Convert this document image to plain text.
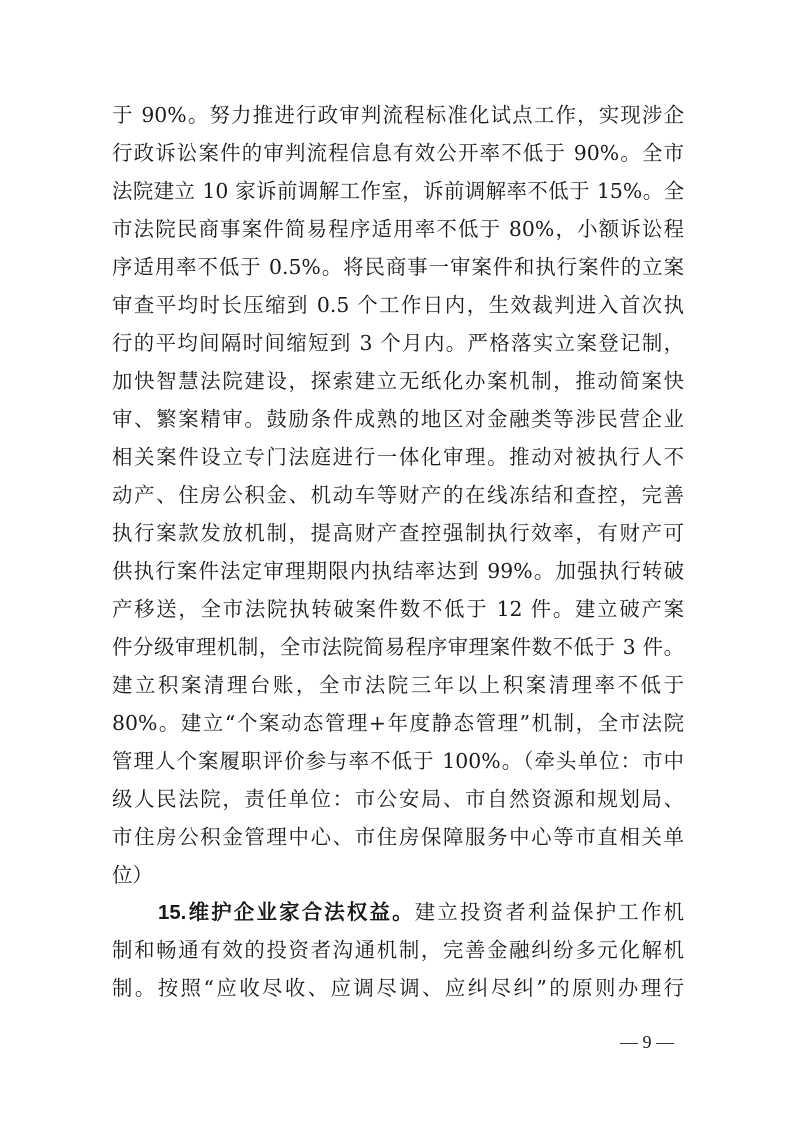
于 90%。努力推进行政审判流程标准化试点工作，实现涉企
行政诉讼案件的审判流程信息有效公开率不低于 90%。全市
法院建立 10 家诉前调解工作室，诉前调解率不低于 15%。全
市法院民商事案件简易程序适用率不低于 80%，小额诉讼程
序适用率不低于 0.5%。将民商事一审案件和执行案件的立案
审查平均时长压缩到 0.5 个工作日内，生效裁判进入首次执
行的平均间隔时间缩短到 3 个月内。严格落实立案登记制，
加快智慧法院建设，探索建立无纸化办案机制，推动简案快
审、繁案精审。鼓励条件成熟的地区对金融类等涉民营企业
相关案件设立专门法庭进行一体化审理。推动对被执行人不
动产、住房公积金、机动车等财产的在线冻结和查控，完善
执行案款发放机制，提高财产查控强制执行效率，有财产可
供执行案件法定审理期限内执结率达到 99%。加强执行转破
产移送，全市法院执转破案件数不低于 12 件。建立破产案
件分级审理机制，全市法院简易程序审理案件数不低于 3 件。
建立积案清理台账，全市法院三年以上积案清理率不低于
80%。建立“个案动态管理+年度静态管理”机制，全市法院
管理人个案履职评价参与率不低于 100%。（牵头单位：市中
级人民法院，责任单位：市公安局、市自然资源和规划局、
市住房公积金管理中心、市住房保障服务中心等市直相关单
位）
15.维护企业家合法权益。建立投资者利益保护工作机
制和畅通有效的投资者沟通机制，完善金融纠纷多元化解机
制。按照“应收尽收、应调尽调、应纠尽纠”的原则办理行
— 9 —
